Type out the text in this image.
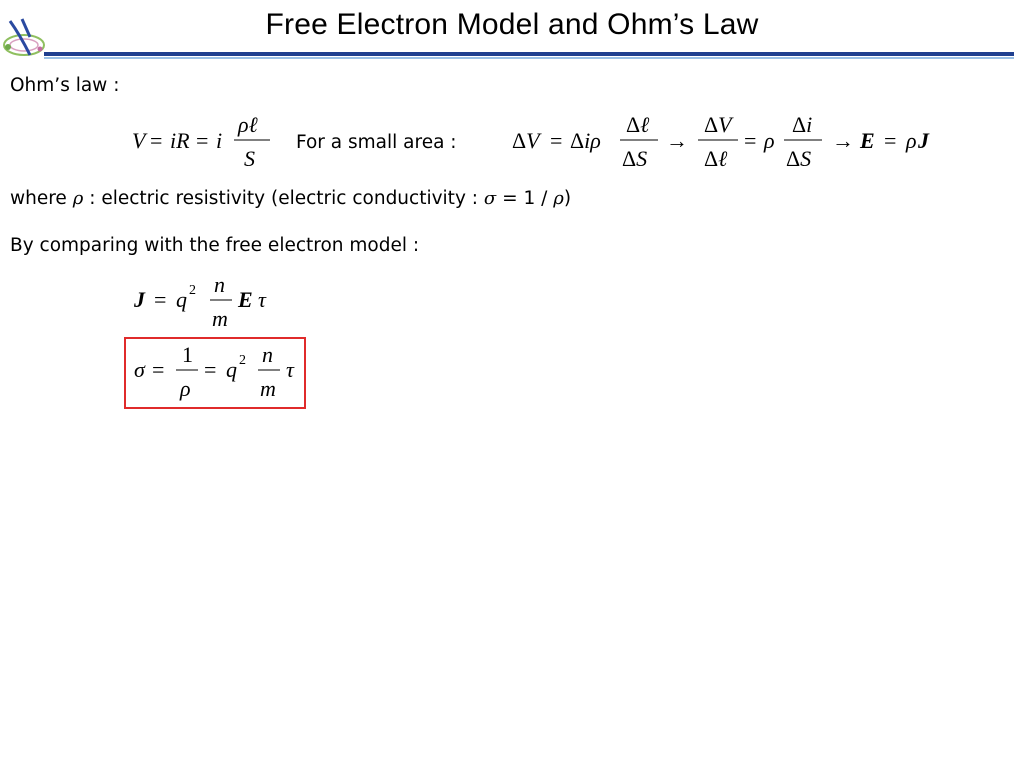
Free Electron Model and Ohm’s Law
Ohm’s law :
V = iR = i
ρℓ
S
For a small area :	ΔV = Δiρ
Δℓ
ΔS
→
ΔV
Δℓ
= ρ
Δi
ΔS
→ E = ρ J
where ρ : electric resistivity (electric conductivity : σ = 1 / ρ)
By comparing with the free electron model :
J = q 2 n
m
E τ
σ =
1
ρ
= q 2 n
m
τ
